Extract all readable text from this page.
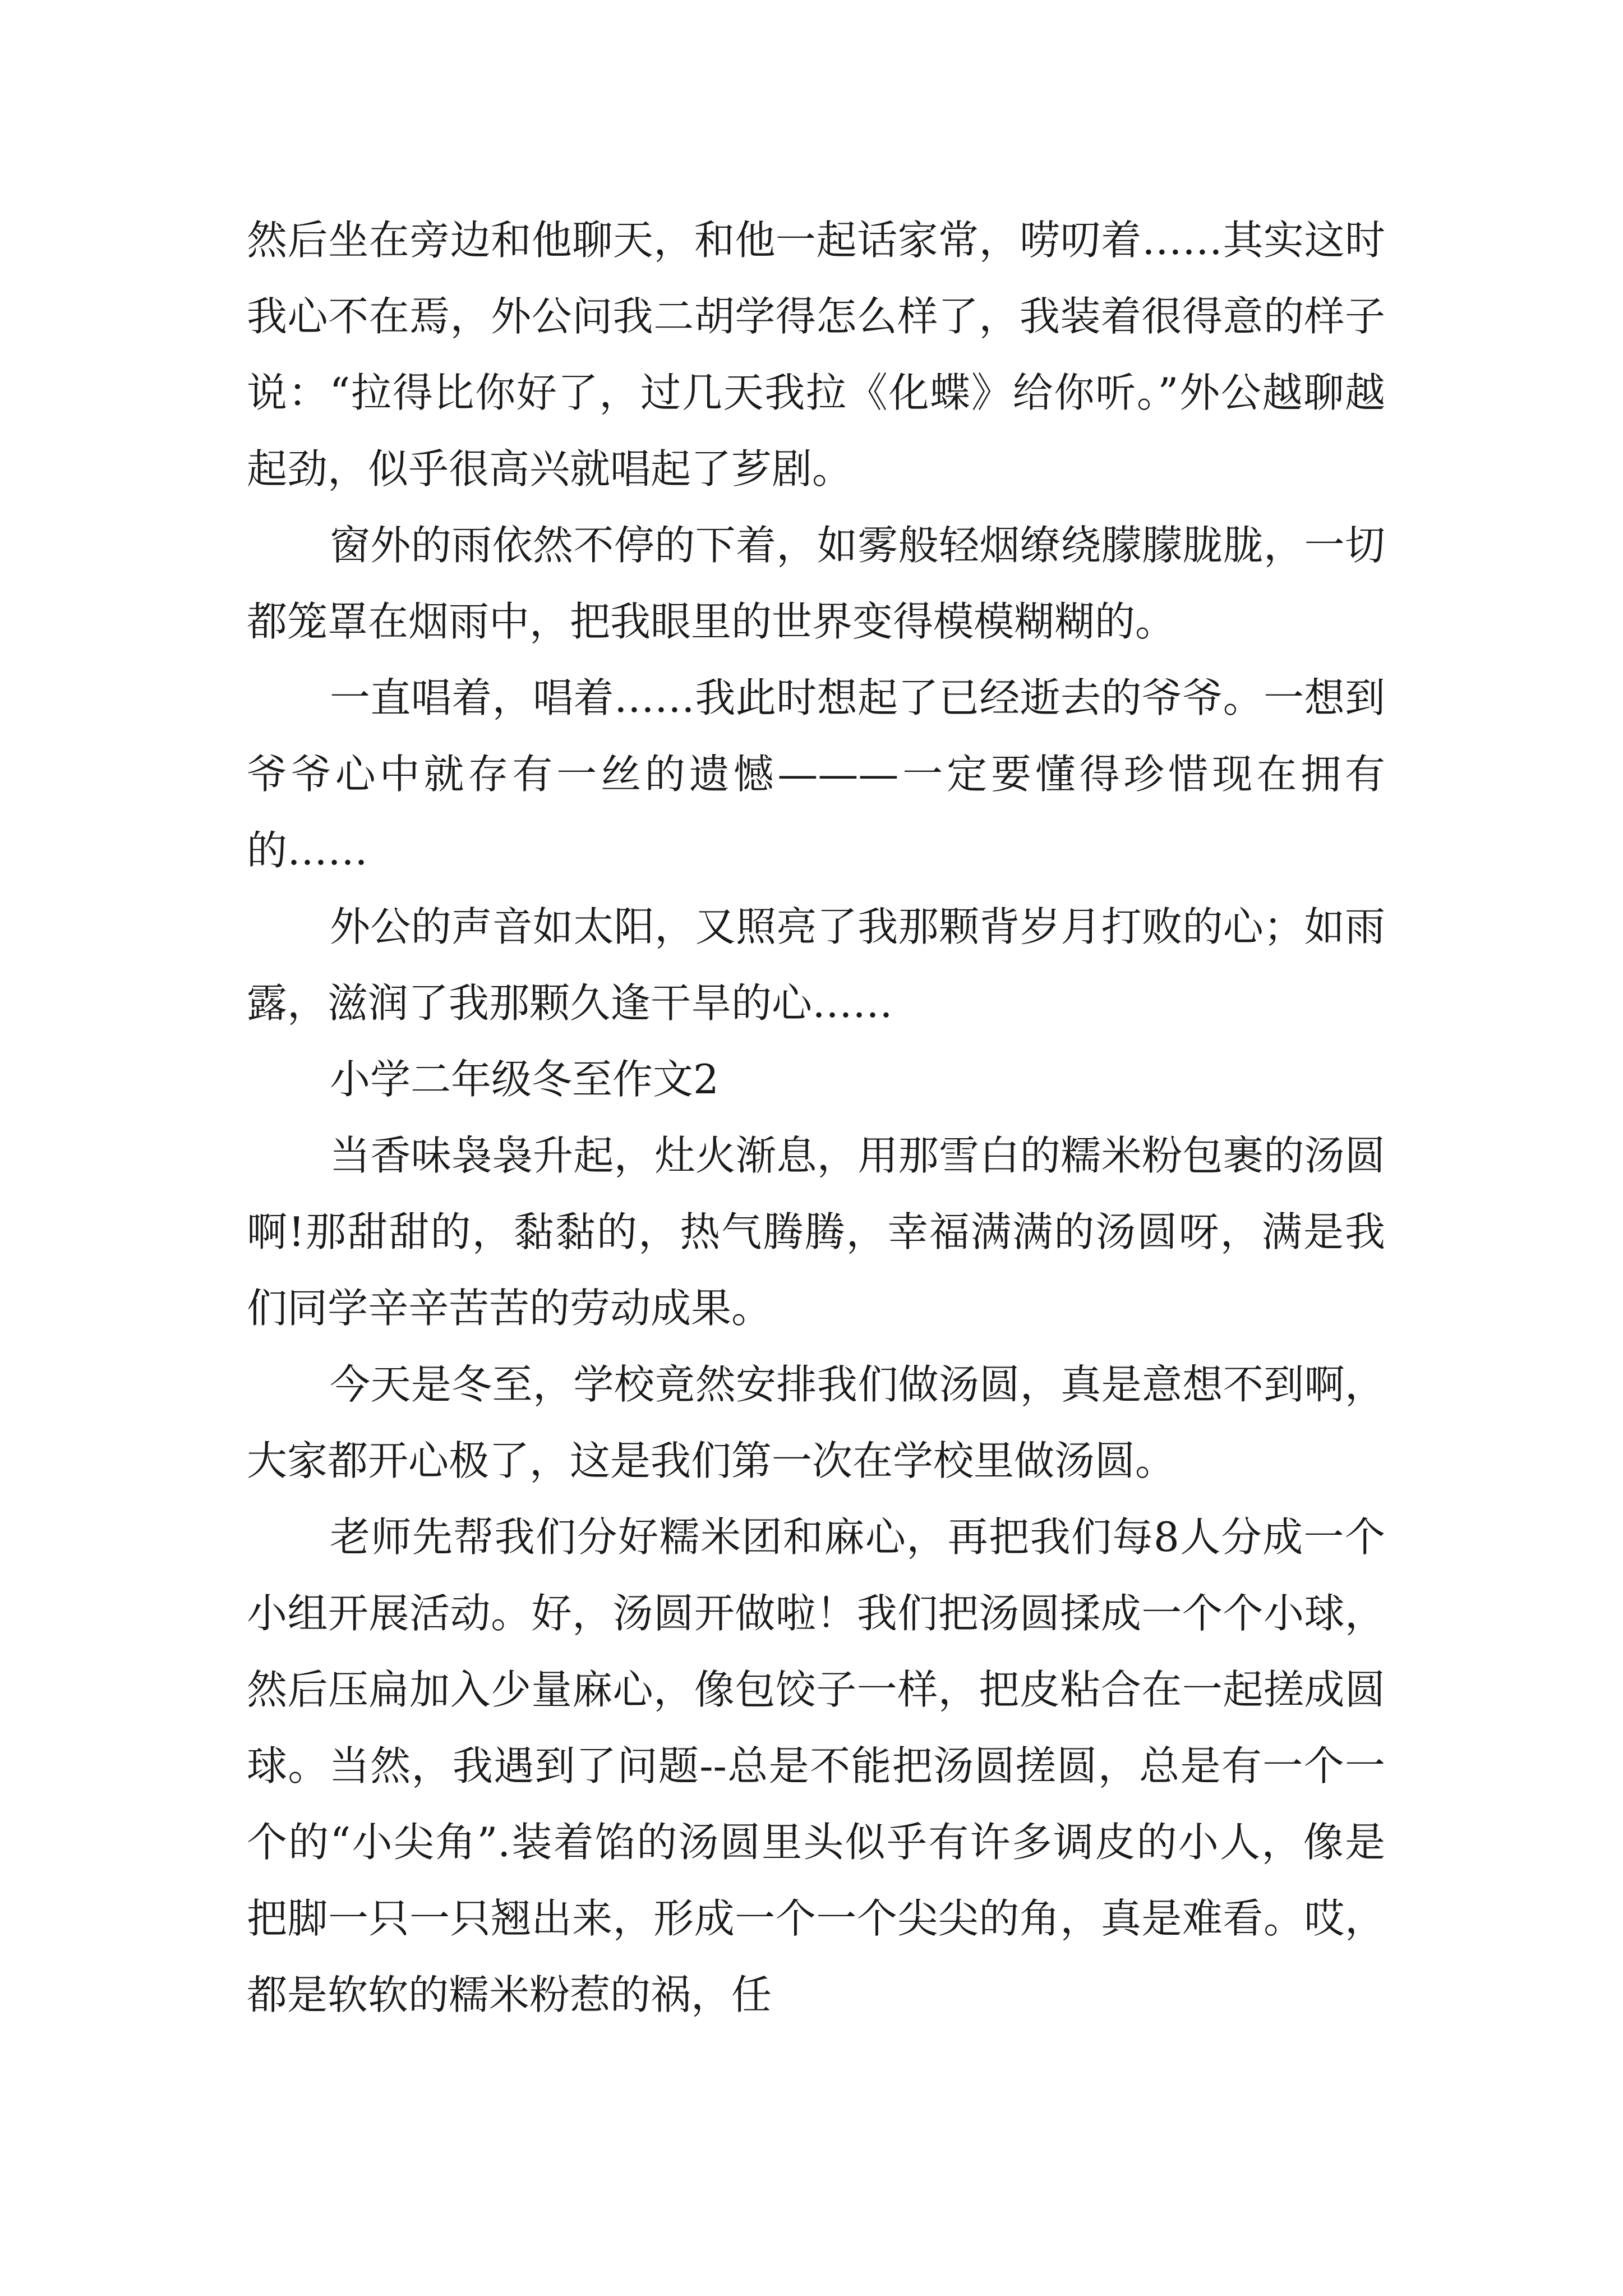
然后坐在旁边和他聊天，和他一起话家常，唠叨着……其实这时我心不在焉，外公问我二胡学得怎么样了，我装着很得意的样子说：“拉得比你好了，过几天我拉《化蝶》给你听。”外公越聊越起劲，似乎很高兴就唱起了芗剧。

窗外的雨依然不停的下着，如雾般轻烟缭绕朦朦胧胧，一切都笼罩在烟雨中，把我眼里的世界变得模模糊糊的。

一直唱着，唱着……我此时想起了已经逝去的爷爷。一想到爷爷心中就存有一丝的遗憾———一定要懂得珍惜现在拥有的……

外公的声音如太阳，又照亮了我那颗背岁月打败的心；如雨露，滋润了我那颗久逢干旱的心……

小学二年级冬至作文2

当香味袅袅升起，灶火渐息，用那雪白的糯米粉包裹的汤圆啊!那甜甜的，黏黏的，热气腾腾，幸福满满的汤圆呀，满是我们同学辛辛苦苦的劳动成果。

今天是冬至，学校竟然安排我们做汤圆，真是意想不到啊，大家都开心极了，这是我们第一次在学校里做汤圆。

老师先帮我们分好糯米团和麻心，再把我们每8人分成一个小组开展活动。好，汤圆开做啦！我们把汤圆揉成一个个小球，然后压扁加入少量麻心，像包饺子一样，把皮粘合在一起搓成圆球。当然，我遇到了问题--总是不能把汤圆搓圆，总是有一个一个的“小尖角”.装着馅的汤圆里头似乎有许多调皮的小人，像是把脚一只一只翘出来，形成一个一个尖尖的角，真是难看。哎，都是软软的糯米粉惹的祸，任
